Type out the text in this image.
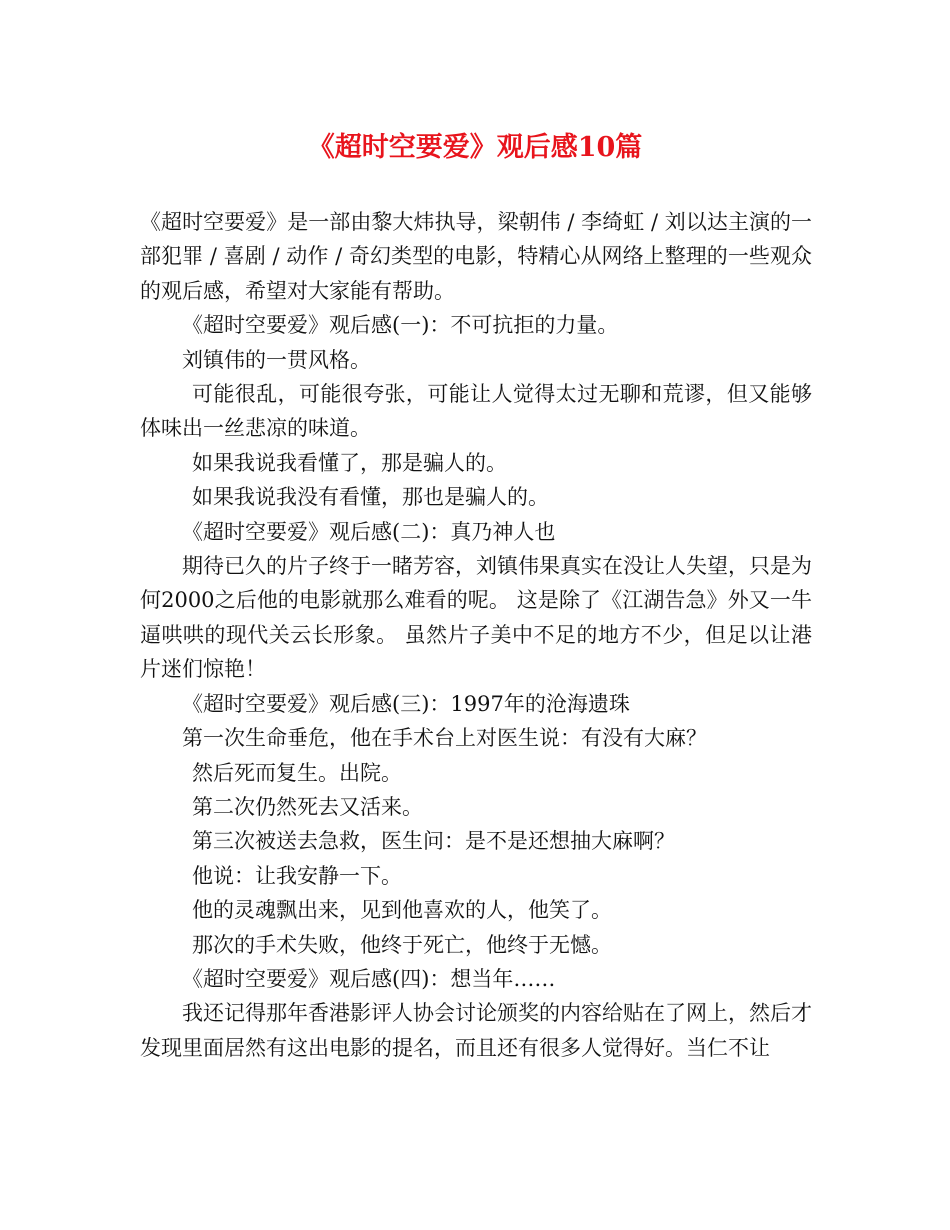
《超时空要爱》观后感10篇

《超时空要爱》是一部由黎大炜执导，梁朝伟 / 李绮虹 / 刘以达主演的一部犯罪 / 喜剧 / 动作 / 奇幻类型的电影，特精心从网络上整理的一些观众的观后感，希望对大家能有帮助。

《超时空要爱》观后感(一)：不可抗拒的力量。

刘镇伟的一贯风格。

可能很乱，可能很夸张，可能让人觉得太过无聊和荒谬，但又能够体味出一丝悲凉的味道。

如果我说我看懂了，那是骗人的。

如果我说我没有看懂，那也是骗人的。

《超时空要爱》观后感(二)：真乃神人也

期待已久的片子终于一睹芳容，刘镇伟果真实在没让人失望，只是为何2000之后他的电影就那么难看的呢。 这是除了《江湖告急》外又一牛逼哄哄的现代关云长形象。 虽然片子美中不足的地方不少，但足以让港片迷们惊艳！

《超时空要爱》观后感(三)：1997年的沧海遗珠

第一次生命垂危，他在手术台上对医生说：有没有大麻？

然后死而复生。出院。

第二次仍然死去又活来。

第三次被送去急救，医生问：是不是还想抽大麻啊？

他说：让我安静一下。

他的灵魂飘出来，见到他喜欢的人，他笑了。

那次的手术失败，他终于死亡，他终于无憾。

《超时空要爱》观后感(四)：想当年……

我还记得那年香港影评人协会讨论颁奖的内容给贴在了网上，然后才发现里面居然有这出电影的提名，而且还有很多人觉得好。当仁不让
